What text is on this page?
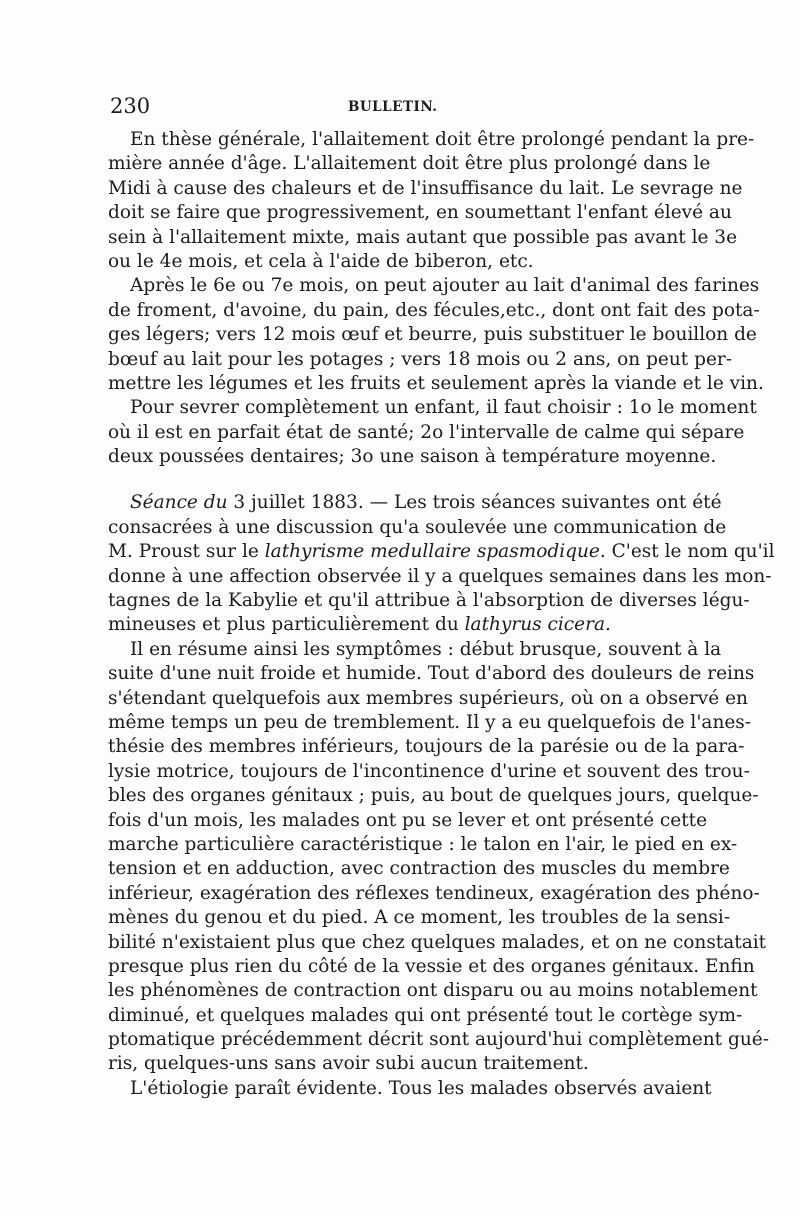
230	BULLETIN.
En thèse générale, l'allaitement doit être prolongé pendant la pre-
mière année d'âge. L'allaitement doit être plus prolongé dans le
Midi à cause des chaleurs et de l'insuffisance du lait. Le sevrage ne
doit se faire que progressivement, en soumettant l'enfant élevé au
sein à l'allaitement mixte, mais autant que possible pas avant le 3e
ou le 4e mois, et cela à l'aide de biberon, etc.
Après le 6e ou 7e mois, on peut ajouter au lait d'animal des farines
de froment, d'avoine, du pain, des fécules,etc., dont ont fait des pota-
ges légers; vers 12 mois œuf et beurre, puis substituer le bouillon de
bœuf au lait pour les potages ; vers 18 mois ou 2 ans, on peut per-
mettre les légumes et les fruits et seulement après la viande et le vin.
Pour sevrer complètement un enfant, il faut choisir : 1o le moment
où il est en parfait état de santé; 2o l'intervalle de calme qui sépare
deux poussées dentaires; 3o une saison à température moyenne.
Séance du 3 juillet 1883. — Les trois séances suivantes ont été
consacrées à une discussion qu'a soulevée une communication de
M. Proust sur le lathyrisme medullaire spasmodique. C'est le nom qu'il
donne à une affection observée il y a quelques semaines dans les mon-
tagnes de la Kabylie et qu'il attribue à l'absorption de diverses légu-
mineuses et plus particulièrement du lathyrus cicera.
Il en résume ainsi les symptômes : début brusque, souvent à la
suite d'une nuit froide et humide. Tout d'abord des douleurs de reins
s'étendant quelquefois aux membres supérieurs, où on a observé en
même temps un peu de tremblement. Il y a eu quelquefois de l'anes-
thésie des membres inférieurs, toujours de la parésie ou de la para-
lysie motrice, toujours de l'incontinence d'urine et souvent des trou-
bles des organes génitaux ; puis, au bout de quelques jours, quelque-
fois d'un mois, les malades ont pu se lever et ont présenté cette
marche particulière caractéristique : le talon en l'air, le pied en ex-
tension et en adduction, avec contraction des muscles du membre
inférieur, exagération des réflexes tendineux, exagération des phéno-
mènes du genou et du pied. A ce moment, les troubles de la sensi-
bilité n'existaient plus que chez quelques malades, et on ne constatait
presque plus rien du côté de la vessie et des organes génitaux. Enfin
les phénomènes de contraction ont disparu ou au moins notablement
diminué, et quelques malades qui ont présenté tout le cortège sym-
ptomatique précédemment décrit sont aujourd'hui complètement gué-
ris, quelques-uns sans avoir subi aucun traitement.
L'étiologie paraît évidente. Tous les malades observés avaient
